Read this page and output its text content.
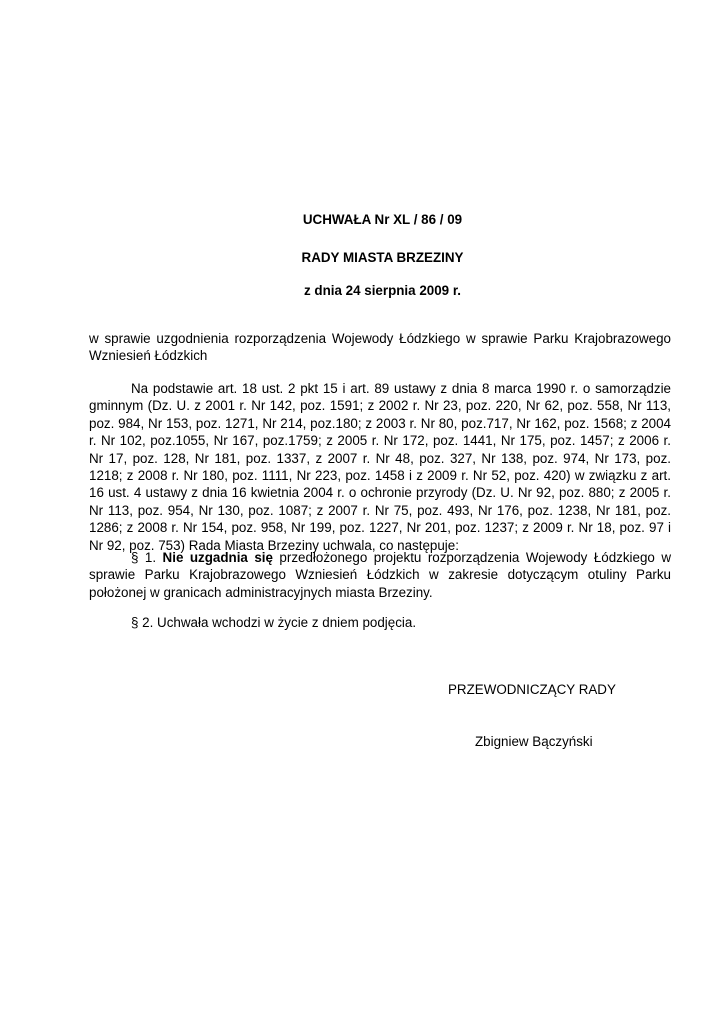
UCHWAŁA Nr XL / 86 / 09
RADY MIASTA BRZEZINY
z dnia 24 sierpnia 2009 r.
w sprawie uzgodnienia rozporządzenia Wojewody Łódzkiego w sprawie Parku Krajobrazowego Wzniesień Łódzkich
Na podstawie art. 18 ust. 2 pkt 15 i art. 89 ustawy z dnia 8 marca 1990 r. o samorządzie gminnym (Dz. U. z 2001 r. Nr 142, poz. 1591; z 2002 r. Nr 23, poz. 220, Nr 62, poz. 558, Nr 113, poz. 984, Nr 153, poz. 1271, Nr 214, poz.180; z 2003 r. Nr 80, poz.717, Nr 162, poz. 1568; z 2004 r. Nr 102, poz.1055, Nr 167, poz.1759; z 2005 r. Nr 172, poz. 1441, Nr 175, poz. 1457; z 2006 r. Nr 17, poz. 128, Nr 181, poz. 1337, z 2007 r. Nr 48, poz. 327, Nr 138, poz. 974, Nr 173, poz. 1218; z 2008 r. Nr 180, poz. 1111, Nr 223, poz. 1458 i z 2009 r. Nr 52, poz. 420) w związku z art. 16 ust. 4 ustawy z dnia 16 kwietnia 2004 r. o ochronie przyrody (Dz. U. Nr 92, poz. 880; z 2005 r. Nr 113, poz. 954, Nr 130, poz. 1087; z 2007 r. Nr 75, poz. 493, Nr 176, poz. 1238, Nr 181, poz. 1286; z 2008 r. Nr 154, poz. 958, Nr 199, poz. 1227, Nr 201, poz. 1237; z 2009 r. Nr 18, poz. 97 i Nr 92, poz. 753) Rada Miasta Brzeziny uchwala, co następuje:
§ 1. Nie uzgadnia się przedłożonego projektu rozporządzenia Wojewody Łódzkiego w sprawie Parku Krajobrazowego Wzniesień Łódzkich w zakresie dotyczącym otuliny Parku położonej w granicach administracyjnych miasta Brzeziny.
§ 2. Uchwała wchodzi w życie z dniem podjęcia.
PRZEWODNICZĄCY RADY
Zbigniew Bączyński
